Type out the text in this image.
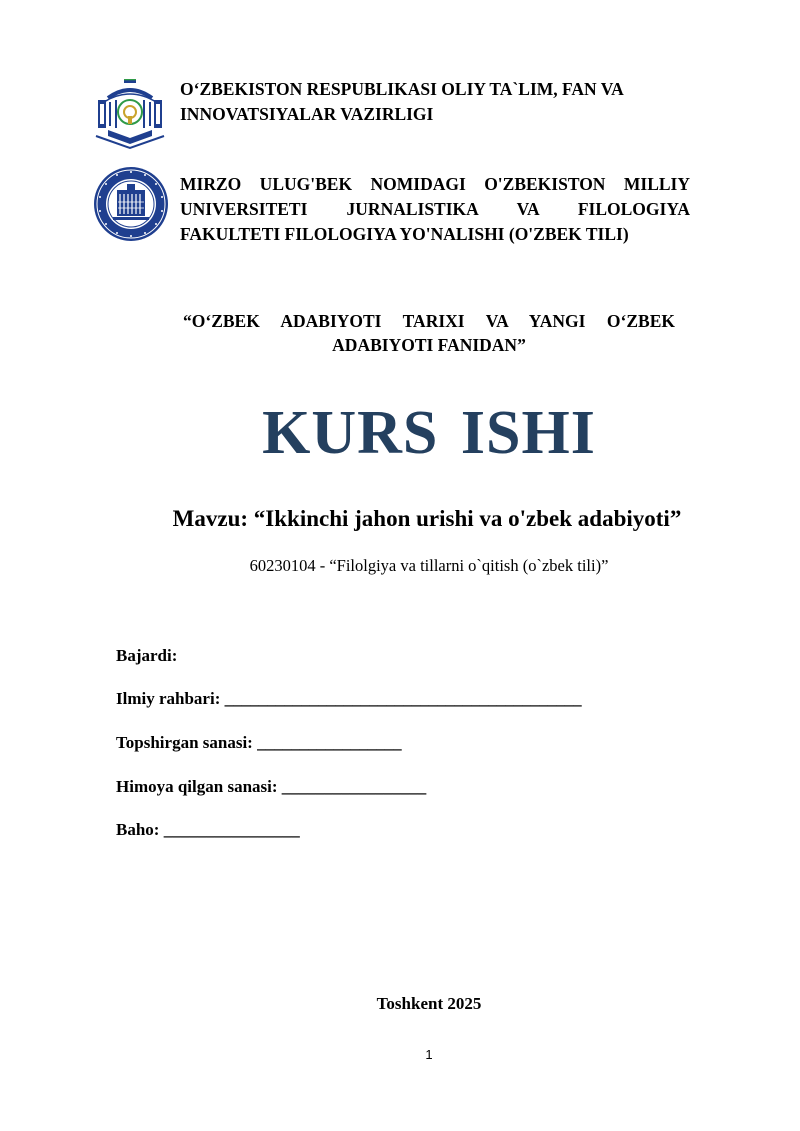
O‘ZBEKISTON RESPUBLIKASI OLIY TA`LIM, FAN VA
INNOVATSIYALAR VAZIRLIGI
MIRZO ULUG'BEK NOMIDAGI O'ZBEKISTON MILLIY
UNIVERSITETI JURNALISTIKA VA FILOLOGIYA
FAKULTETI FILOLOGIYA YO'NALISHI (O'ZBEK TILI)
“O‘ZBEK ADABIYOTI TARIXI VA YANGI O‘ZBEK
ADABIYOTI FANIDAN”
KURS ISHI
Mavzu: “Ikkinchi jahon urishi va o'zbek adabiyoti”
60230104 - “Filolgiya va tillarni o`qitish (o`zbek tili)”
Bajardi:
Ilmiy rahbari: __________________________________________
Topshirgan sanasi: _________________
Himoya qilgan sanasi: _________________
Baho: ________________
Toshkent 2025
1
